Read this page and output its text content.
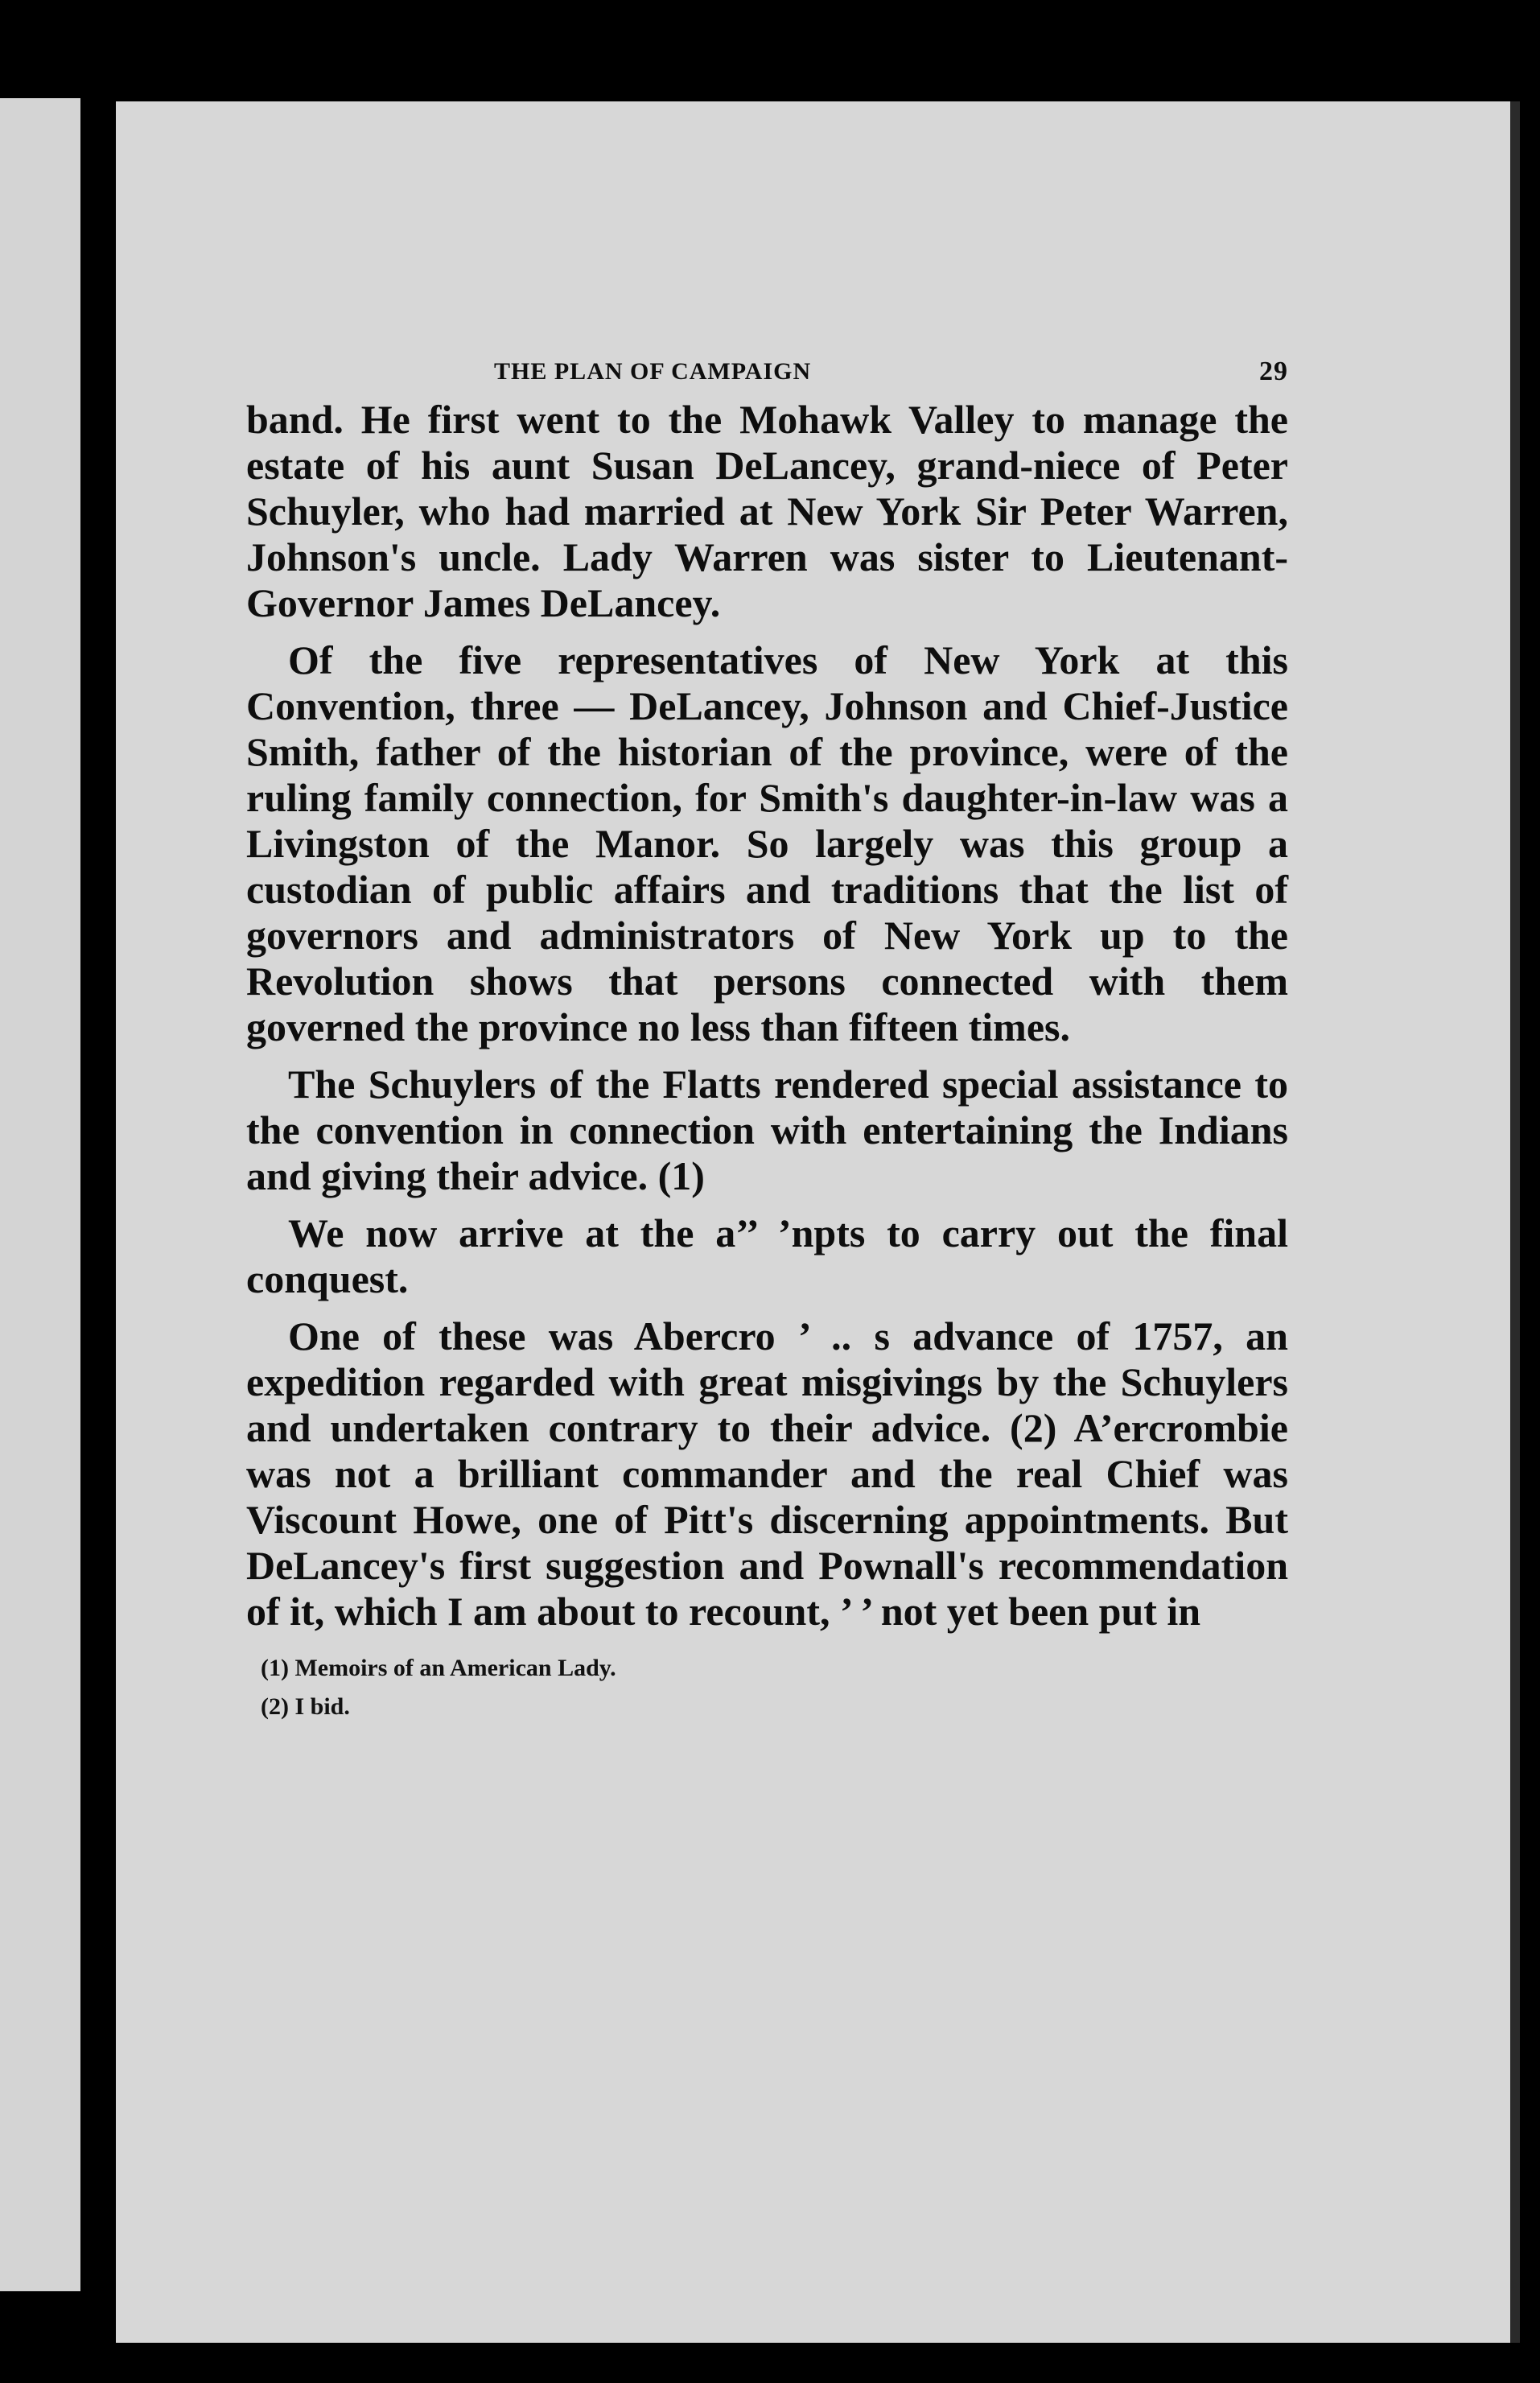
THE PLAN OF CAMPAIGN	29

band. He first went to the Mohawk Valley to manage the estate of his aunt Susan DeLancey, grand-niece of Peter Schuyler, who had married at New York Sir Peter Warren, Johnson's uncle. Lady Warren was sister to Lieutenant-Governor James DeLancey.

Of the five representatives of New York at this Convention, three — DeLancey, Johnson and Chief-Justice Smith, father of the historian of the province, were of the ruling family connection, for Smith's daughter-in-law was a Livingston of the Manor. So largely was this group a custodian of public affairs and traditions that the list of governors and administrators of New York up to the Revolution shows that persons connected with them governed the province no less than fifteen times.

The Schuylers of the Flatts rendered special assistance to the convention in connection with entertaining the Indians and giving their advice. (1)

We now arrive at the a’’ ’npts to carry out the final conquest.

One of these was Abercro ’ .. s advance of 1757, an expedition regarded with great misgivings by the Schuylers and undertaken contrary to their advice. (2) A’ercrombie was not a brilliant commander and the real Chief was Viscount Howe, one of Pitt's discerning appointments. But DeLancey's first suggestion and Pownall's recommendation of it, which I am about to recount, ’ ’ not yet been put in

(1) Memoirs of an American Lady.
(2) I bid.
